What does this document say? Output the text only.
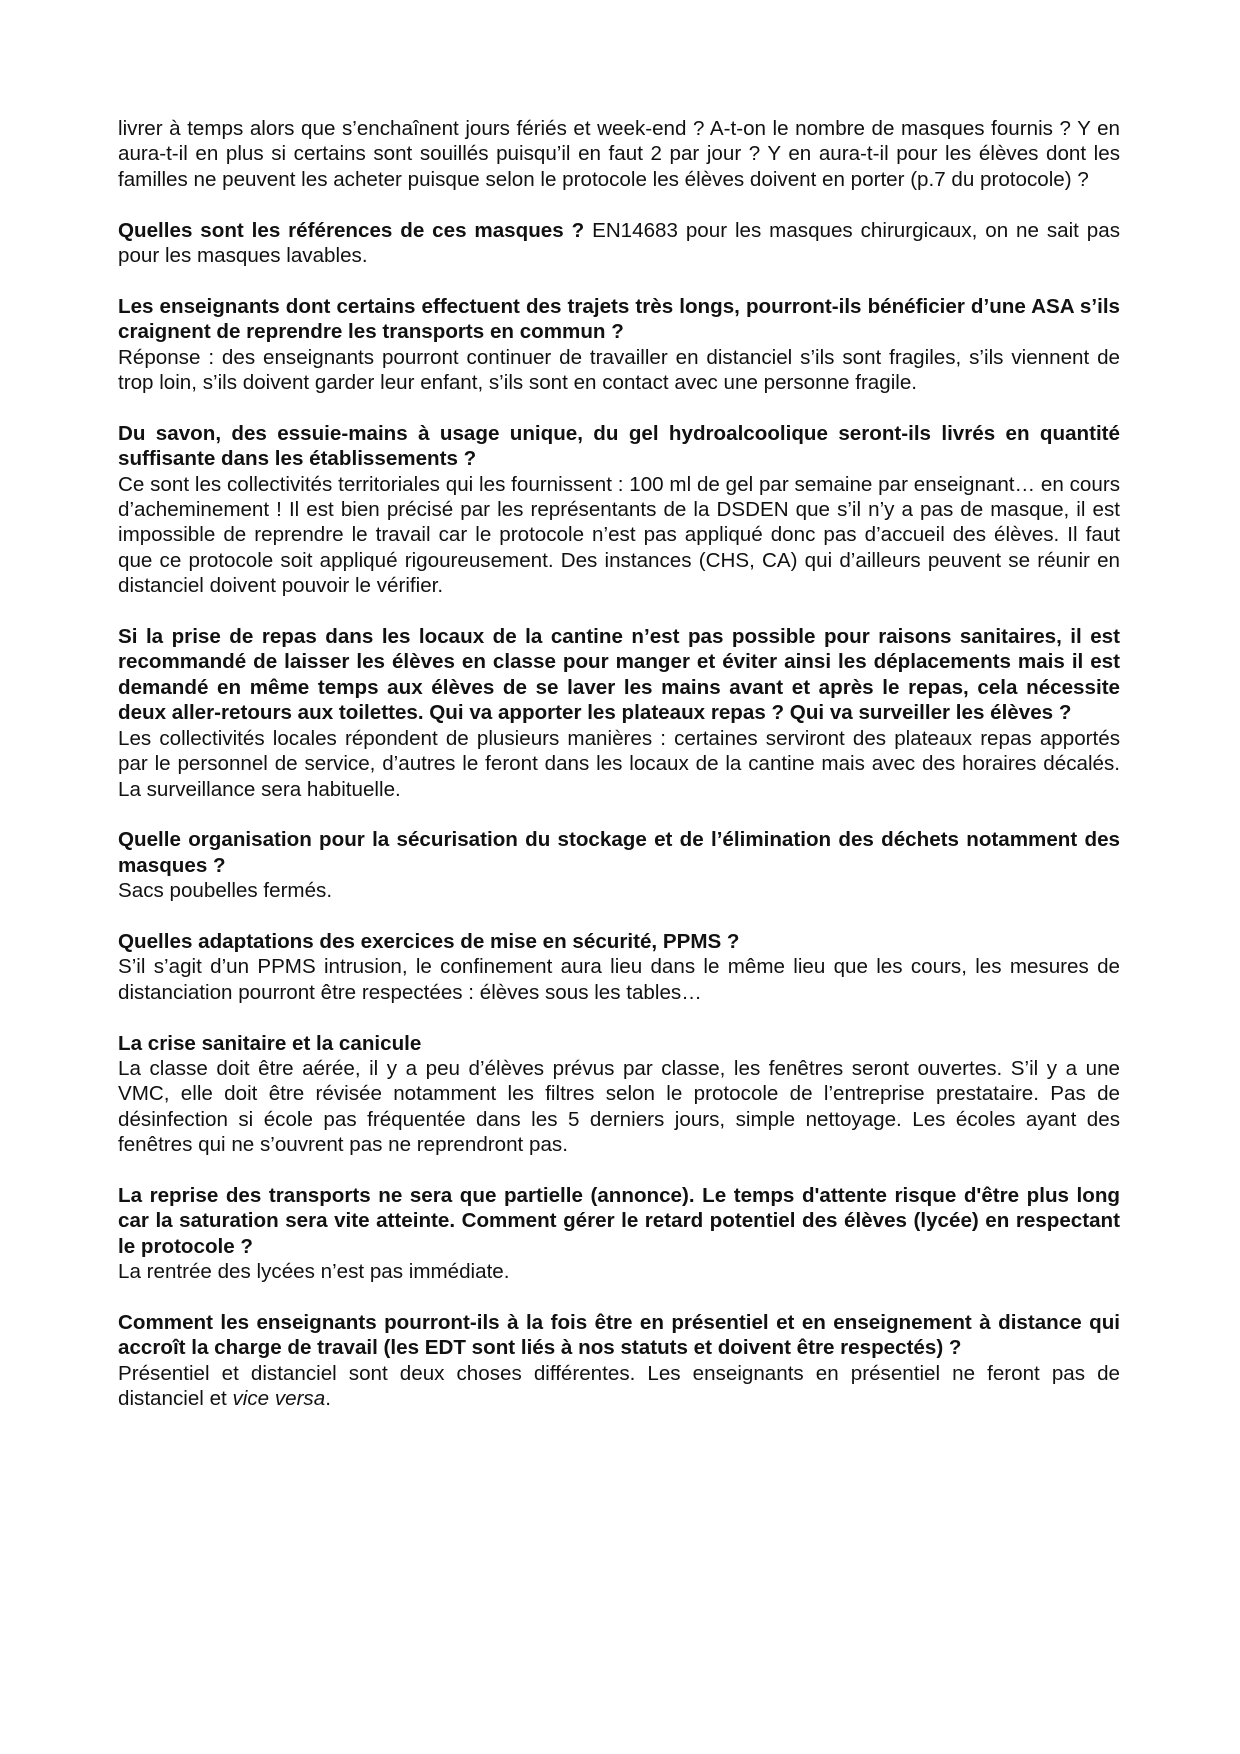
livrer à temps alors que s’enchaînent jours fériés et week-end ? A-t-on le nombre de masques fournis ? Y en aura-t-il en plus si certains sont souillés puisqu’il en faut 2 par jour ? Y en aura-t-il pour les élèves dont les familles ne peuvent les acheter puisque selon le protocole les élèves doivent en porter (p.7 du protocole) ?

Quelles sont les références de ces masques ? EN14683 pour les masques chirurgicaux, on ne sait pas pour les masques lavables.

Les enseignants dont certains effectuent des trajets très longs, pourront-ils bénéficier d’une ASA s’ils craignent de reprendre les transports en commun ?
Réponse : des enseignants pourront continuer de travailler en distanciel s’ils sont fragiles, s’ils viennent de trop loin, s’ils doivent garder leur enfant, s’ils sont en contact avec une personne fragile.
Du savon, des essuie-mains à usage unique, du gel hydroalcoolique seront-ils livrés en quantité suffisante dans les établissements ?
Ce sont les collectivités territoriales qui les fournissent : 100 ml de gel par semaine par enseignant… en cours d’acheminement ! Il est bien précisé par les représentants de la DSDEN que s’il n’y a pas de masque, il est impossible de reprendre le travail car le protocole n’est pas appliqué donc pas d’accueil des élèves. Il faut que ce protocole soit appliqué rigoureusement. Des instances (CHS, CA) qui d’ailleurs peuvent se réunir en distanciel doivent pouvoir le vérifier.
Si la prise de repas dans les locaux de la cantine n’est pas possible pour raisons sanitaires, il est recommandé de laisser les élèves en classe pour manger et éviter ainsi les déplacements mais il est demandé en même temps aux élèves de se laver les mains avant et après le repas, cela nécessite deux aller-retours aux toilettes. Qui va apporter les plateaux repas ? Qui va surveiller les élèves ?
Les collectivités locales répondent de plusieurs manières : certaines serviront des plateaux repas apportés par le personnel de service, d’autres le feront dans les locaux de la cantine mais avec des horaires décalés. La surveillance sera habituelle.
Quelle organisation pour la sécurisation du stockage et de l’élimination des déchets notamment des masques ?
Sacs poubelles fermés.
Quelles adaptations des exercices de mise en sécurité, PPMS ?
S’il s’agit d’un PPMS intrusion, le confinement aura lieu dans le même lieu que les cours, les mesures de distanciation pourront être respectées : élèves sous les tables…
La crise sanitaire et la canicule
La classe doit être aérée, il y a peu d’élèves prévus par classe, les fenêtres seront ouvertes. S’il y a une VMC, elle doit être révisée notamment les filtres selon le protocole de l’entreprise prestataire. Pas de désinfection si école pas fréquentée dans les 5 derniers jours, simple nettoyage. Les écoles ayant des fenêtres qui ne s’ouvrent pas ne reprendront pas.
La reprise des transports ne sera que partielle (annonce). Le temps d'attente risque d'être plus long car la saturation sera vite atteinte. Comment gérer le retard potentiel des élèves (lycée) en respectant le protocole ?
La rentrée des lycées n’est pas immédiate.
Comment les enseignants pourront-ils à la fois être en présentiel et en enseignement à distance qui accroît la charge de travail (les EDT sont liés à nos statuts et doivent être respectés) ?
Présentiel et distanciel sont deux choses différentes. Les enseignants en présentiel ne feront pas de distanciel et vice versa.
